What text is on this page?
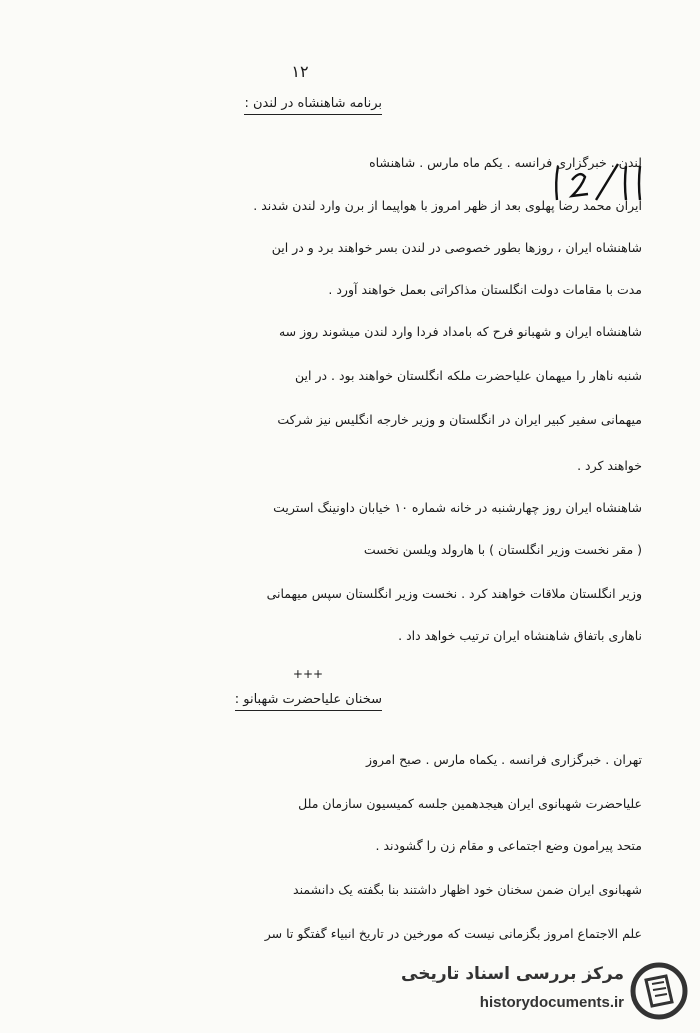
۱۲
برنامه شاهنشاه در لندن :
لندن . خبرگزاری فرانسه . یکم ماه مارس . شاهنشاه
ایران محمد رضا پهلوی بعد از ظهر امروز با هواپیما از برن وارد لندن شدند .
شاهنشاه ایران ، روزها بطور خصوصی در لندن بسر خواهند برد و در این
مدت با مقامات دولت انگلستان مذاکراتی بعمل خواهند آورد .
شاهنشاه ایران و شهبانو فرح که بامداد فردا وارد لندن میشوند روز سه
شنبه ناهار را میهمان علیاحضرت ملکه انگلستان خواهند بود . در این
میهمانی سفیر کبیر ایران در انگلستان و وزیر خارجه انگلیس نیز شرکت
خواهند کرد .
شاهنشاه ایران روز چهارشنبه در خانه شماره ۱۰ خیابان داونینگ استریت
( مقر نخست وزیر انگلستان ) با هارولد ویلسن نخست
وزیر انگلستان ملاقات خواهند کرد . نخست وزیر انگلستان سپس میهمانی
ناهاری باتفاق شاهنشاه ایران ترتیب خواهد داد .
+++
سخنان علیاحضرت شهبانو :
تهران . خبرگزاری فرانسه . یکماه مارس . صبح امروز
علیاحضرت شهبانوی ایران هیجدهمین جلسه کمیسیون سازمان ملل
متحد پیرامون وضع اجتماعی و مقام زن را گشودند .
شهبانوی ایران ضمن سخنان خود اظهار داشتند بنا بگفته یک دانشمند
علم الاجتماع امروز بگزمانی نیست که مورخین در تاریخ انبیاء گفتگو تا سر
مرکز بررسی اسناد تاریخی
historydocuments.ir
